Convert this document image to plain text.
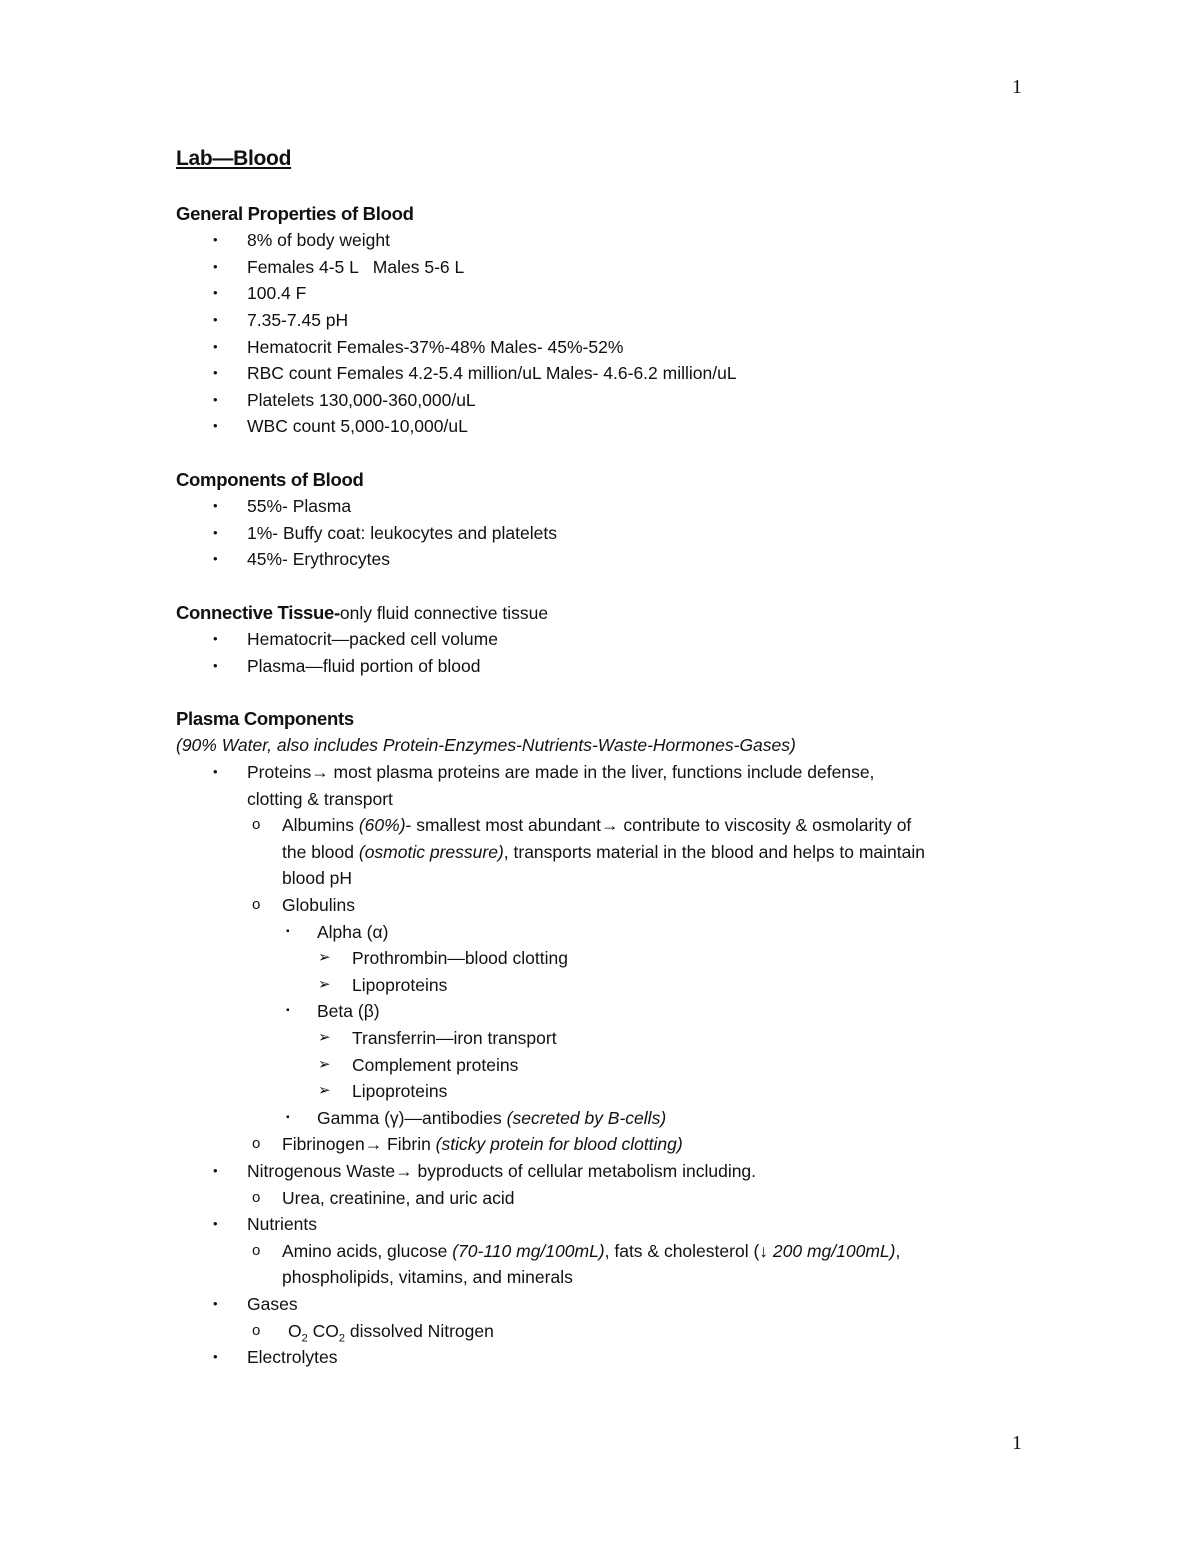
1
Lab—Blood
General Properties of Blood
• 8% of body weight
• Females 4-5 L   Males 5-6 L
• 100.4 F
• 7.35-7.45 pH
• Hematocrit Females-37%-48% Males- 45%-52%
• RBC count Females 4.2-5.4 million/uL Males- 4.6-6.2 million/uL
• Platelets 130,000-360,000/uL
• WBC count 5,000-10,000/uL
Components of Blood
• 55%- Plasma
• 1%- Buffy coat: leukocytes and platelets
• 45%- Erythrocytes
Connective Tissue-only fluid connective tissue
• Hematocrit—packed cell volume
• Plasma—fluid portion of blood
Plasma Components
(90% Water, also includes Protein-Enzymes-Nutrients-Waste-Hormones-Gases)
• Proteins→ most plasma proteins are made in the liver, functions include defense,
clotting & transport
o Albumins (60%)- smallest most abundant→ contribute to viscosity & osmolarity of
the blood (osmotic pressure), transports material in the blood and helps to maintain
blood pH
o Globulins
▪ Alpha (α)
➢ Prothrombin—blood clotting
➢ Lipoproteins
▪ Beta (β)
➢ Transferrin—iron transport
➢ Complement proteins
➢ Lipoproteins
▪ Gamma (γ)—antibodies (secreted by B-cells)
o Fibrinogen→ Fibrin (sticky protein for blood clotting)
• Nitrogenous Waste→ byproducts of cellular metabolism including.
o Urea, creatinine, and uric acid
• Nutrients
o Amino acids, glucose (70-110 mg/100mL), fats & cholesterol (↓ 200 mg/100mL),
phospholipids, vitamins, and minerals
• Gases
o $O_2$ $CO_2$ dissolved Nitrogen
• Electrolytes
1
